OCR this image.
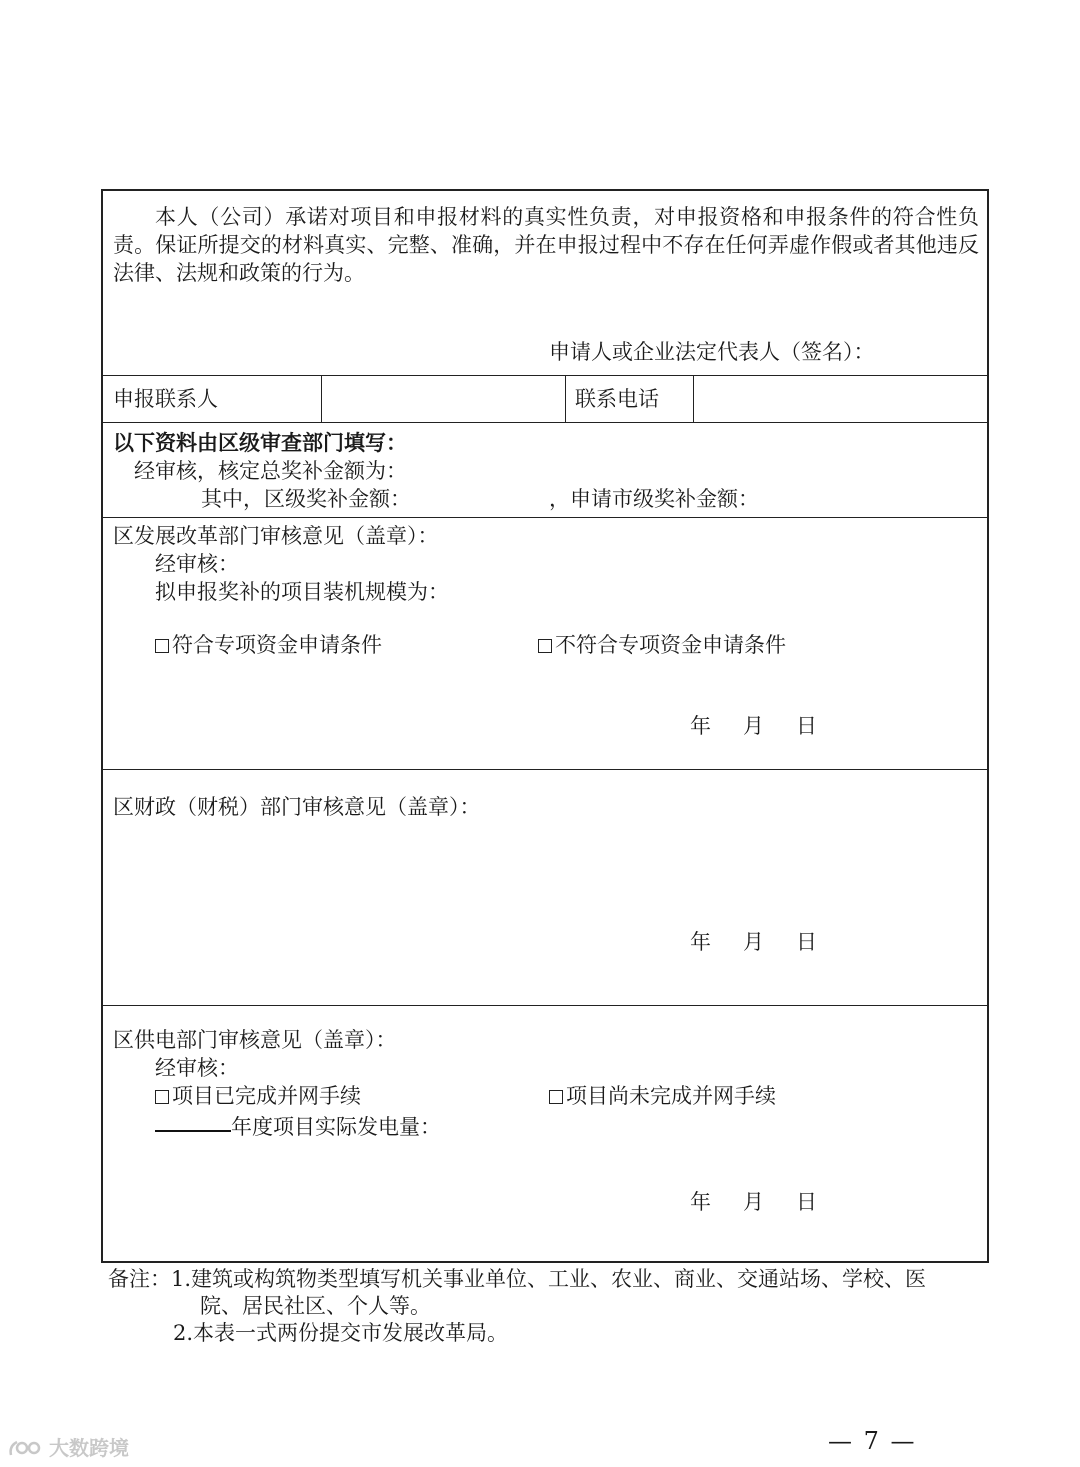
本人（公司）承诺对项目和申报材料的真实性负责，对申报资格和申报条件的符合性负责。保证所提交的材料真实、完整、准确，并在申报过程中不存在任何弄虚作假或者其他违反法律、法规和政策的行为。
申请人或企业法定代表人（签名）：
申报联系人	联系电话
以下资料由区级审查部门填写：
经审核，核定总奖补金额为：
其中，区级奖补金额：	，申请市级奖补金额：
区发展改革部门审核意见（盖章）：
经审核：
拟申报奖补的项目装机规模为：
符合专项资金申请条件	不符合专项资金申请条件
年 月 日
区财政（财税）部门审核意见（盖章）：
年 月 日
区供电部门审核意见（盖章）：
经审核：
项目已完成并网手续	项目尚未完成并网手续
年度项目实际发电量：
年 月 日
备注：1.建筑或构筑物类型填写机关事业单位、工业、农业、商业、交通站场、学校、医
院、居民社区、个人等。
2.本表一式两份提交市发展改革局。
— 7 —
大数跨境
